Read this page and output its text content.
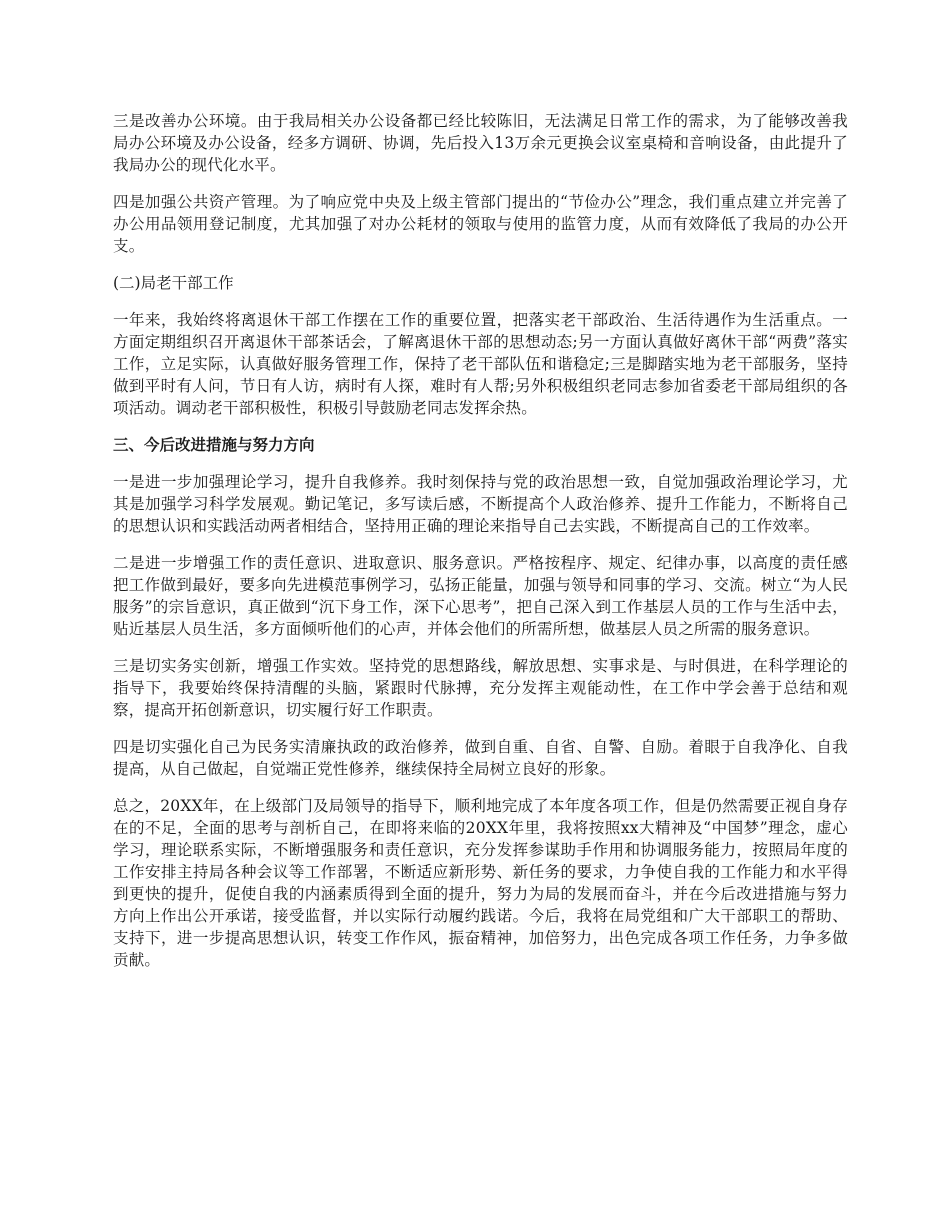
三是改善办公环境。由于我局相关办公设备都已经比较陈旧，无法满足日常工作的需求，为了能够改善我局办公环境及办公设备，经多方调研、协调，先后投入13万余元更换会议室桌椅和音响设备，由此提升了我局办公的现代化水平。

四是加强公共资产管理。为了响应党中央及上级主管部门提出的“节俭办公”理念，我们重点建立并完善了办公用品领用登记制度，尤其加强了对办公耗材的领取与使用的监管力度，从而有效降低了我局的办公开支。

(二)局老干部工作

一年来，我始终将离退休干部工作摆在工作的重要位置，把落实老干部政治、生活待遇作为生活重点。一方面定期组织召开离退休干部茶话会，了解离退休干部的思想动态;另一方面认真做好离休干部“两费”落实工作，立足实际，认真做好服务管理工作，保持了老干部队伍和谐稳定;三是脚踏实地为老干部服务，坚持做到平时有人问，节日有人访，病时有人探，难时有人帮;另外积极组织老同志参加省委老干部局组织的各项活动。调动老干部积极性，积极引导鼓励老同志发挥余热。

三、今后改进措施与努力方向

一是进一步加强理论学习，提升自我修养。我时刻保持与党的政治思想一致，自觉加强政治理论学习，尤其是加强学习科学发展观。勤记笔记，多写读后感，不断提高个人政治修养、提升工作能力，不断将自己的思想认识和实践活动两者相结合，坚持用正确的理论来指导自己去实践，不断提高自己的工作效率。

二是进一步增强工作的责任意识、进取意识、服务意识。严格按程序、规定、纪律办事，以高度的责任感把工作做到最好，要多向先进模范事例学习，弘扬正能量，加强与领导和同事的学习、交流。树立“为人民服务”的宗旨意识，真正做到“沉下身工作，深下心思考”，把自己深入到工作基层人员的工作与生活中去，贴近基层人员生活，多方面倾听他们的心声，并体会他们的所需所想，做基层人员之所需的服务意识。

三是切实务实创新，增强工作实效。坚持党的思想路线，解放思想、实事求是、与时俱进，在科学理论的指导下，我要始终保持清醒的头脑，紧跟时代脉搏，充分发挥主观能动性，在工作中学会善于总结和观察，提高开拓创新意识，切实履行好工作职责。

四是切实强化自己为民务实清廉执政的政治修养，做到自重、自省、自警、自励。着眼于自我净化、自我提高，从自己做起，自觉端正党性修养，继续保持全局树立良好的形象。

总之，20XX年，在上级部门及局领导的指导下，顺利地完成了本年度各项工作，但是仍然需要正视自身存在的不足，全面的思考与剖析自己，在即将来临的20XX年里，我将按照xx大精神及“中国梦”理念，虚心学习，理论联系实际，不断增强服务和责任意识，充分发挥参谋助手作用和协调服务能力，按照局年度的工作安排主持局各种会议等工作部署，不断适应新形势、新任务的要求，力争使自我的工作能力和水平得到更快的提升，促使自我的内涵素质得到全面的提升，努力为局的发展而奋斗，并在今后改进措施与努力方向上作出公开承诺，接受监督，并以实际行动履约践诺。今后，我将在局党组和广大干部职工的帮助、支持下，进一步提高思想认识，转变工作作风，振奋精神，加倍努力，出色完成各项工作任务，力争多做贡献。
